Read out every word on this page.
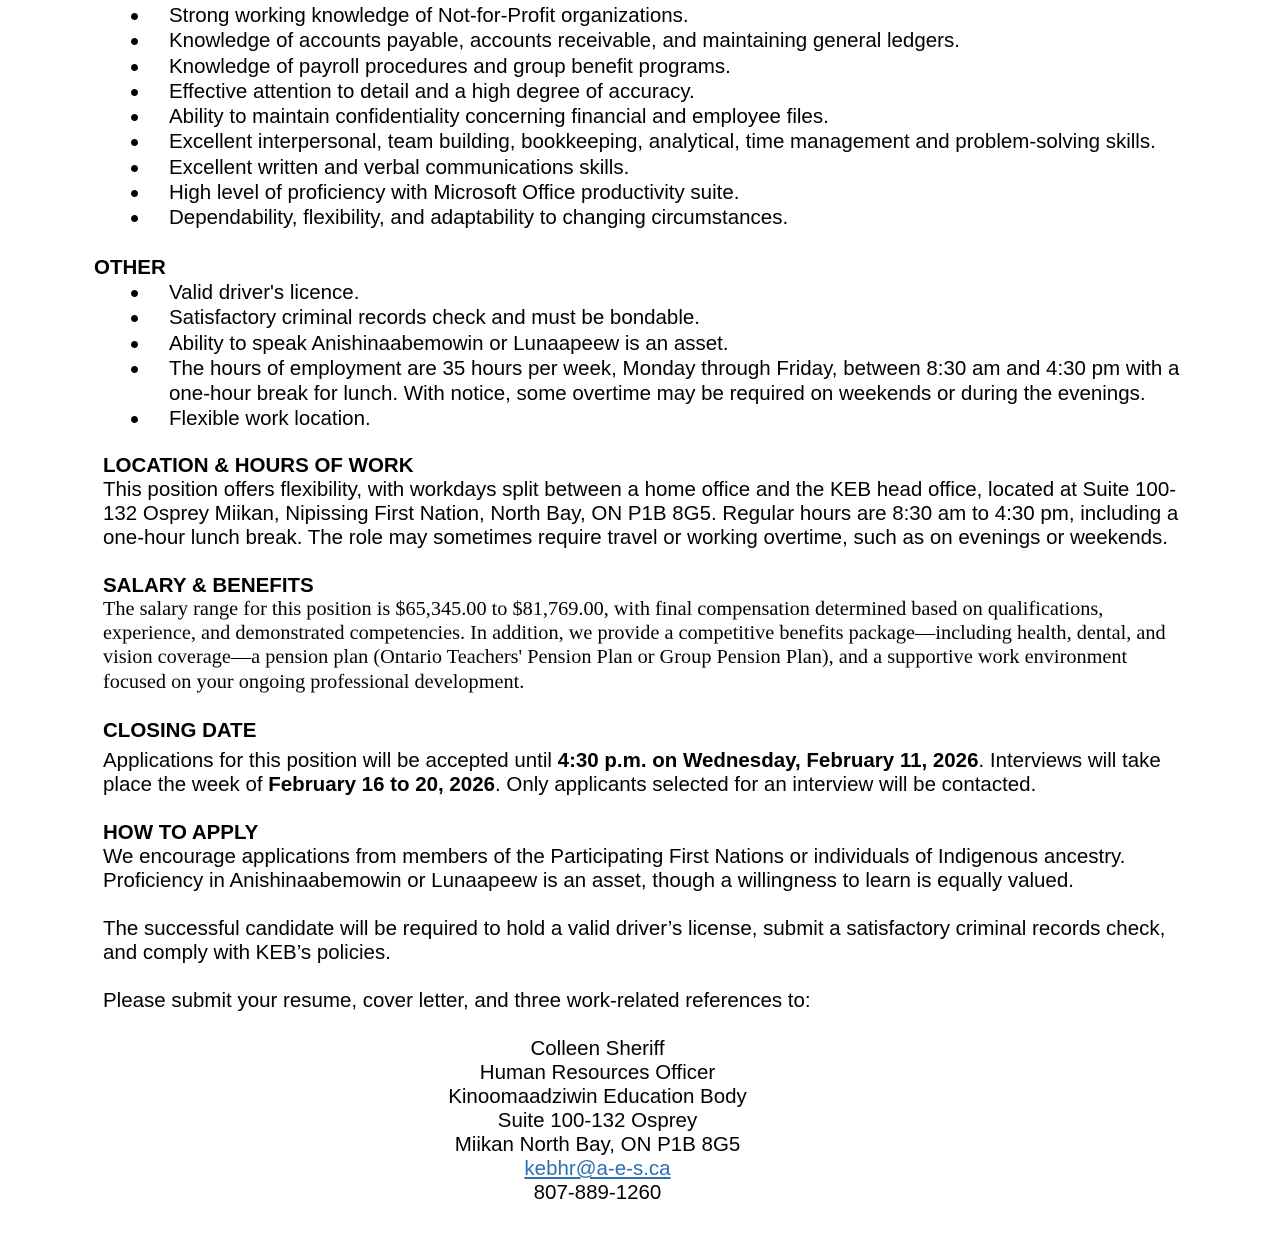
Strong working knowledge of Not-for-Profit organizations.
Knowledge of accounts payable, accounts receivable, and maintaining general ledgers.
Knowledge of payroll procedures and group benefit programs.
Effective attention to detail and a high degree of accuracy.
Ability to maintain confidentiality concerning financial and employee files.
Excellent interpersonal, team building, bookkeeping, analytical, time management and problem-solving skills.
Excellent written and verbal communications skills.
High level of proficiency with Microsoft Office productivity suite.
Dependability, flexibility, and adaptability to changing circumstances.
OTHER
Valid driver's licence.
Satisfactory criminal records check and must be bondable.
Ability to speak Anishinaabemowin or Lunaapeew is an asset.
The hours of employment are 35 hours per week, Monday through Friday, between 8:30 am and 4:30 pm with a
one-hour break for lunch. With notice, some overtime may be required on weekends or during the evenings.
Flexible work location.
LOCATION & HOURS OF WORK
This position offers flexibility, with workdays split between a home office and the KEB head office, located at Suite 100-
132 Osprey Miikan, Nipissing First Nation, North Bay, ON P1B 8G5. Regular hours are 8:30 am to 4:30 pm, including a
one-hour lunch break. The role may sometimes require travel or working overtime, such as on evenings or weekends.
SALARY & BENEFITS
The salary range for this position is $65,345.00 to $81,769.00, with final compensation determined based on qualifications,
experience, and demonstrated competencies. In addition, we provide a competitive benefits package—including health, dental, and
vision coverage—a pension plan (Ontario Teachers' Pension Plan or Group Pension Plan), and a supportive work environment
focused on your ongoing professional development.
CLOSING DATE
Applications for this position will be accepted until 4:30 p.m. on Wednesday, February 11, 2026. Interviews will take
place the week of February 16 to 20, 2026. Only applicants selected for an interview will be contacted.
HOW TO APPLY
We encourage applications from members of the Participating First Nations or individuals of Indigenous ancestry.
Proficiency in Anishinaabemowin or Lunaapeew is an asset, though a willingness to learn is equally valued.
The successful candidate will be required to hold a valid driver’s license, submit a satisfactory criminal records check,
and comply with KEB’s policies.
Please submit your resume, cover letter, and three work-related references to:
Colleen Sheriff
Human Resources Officer
Kinoomaadziwin Education Body
Suite 100-132 Osprey
Miikan North Bay, ON P1B 8G5
kebhr@a-e-s.ca
807-889-1260
